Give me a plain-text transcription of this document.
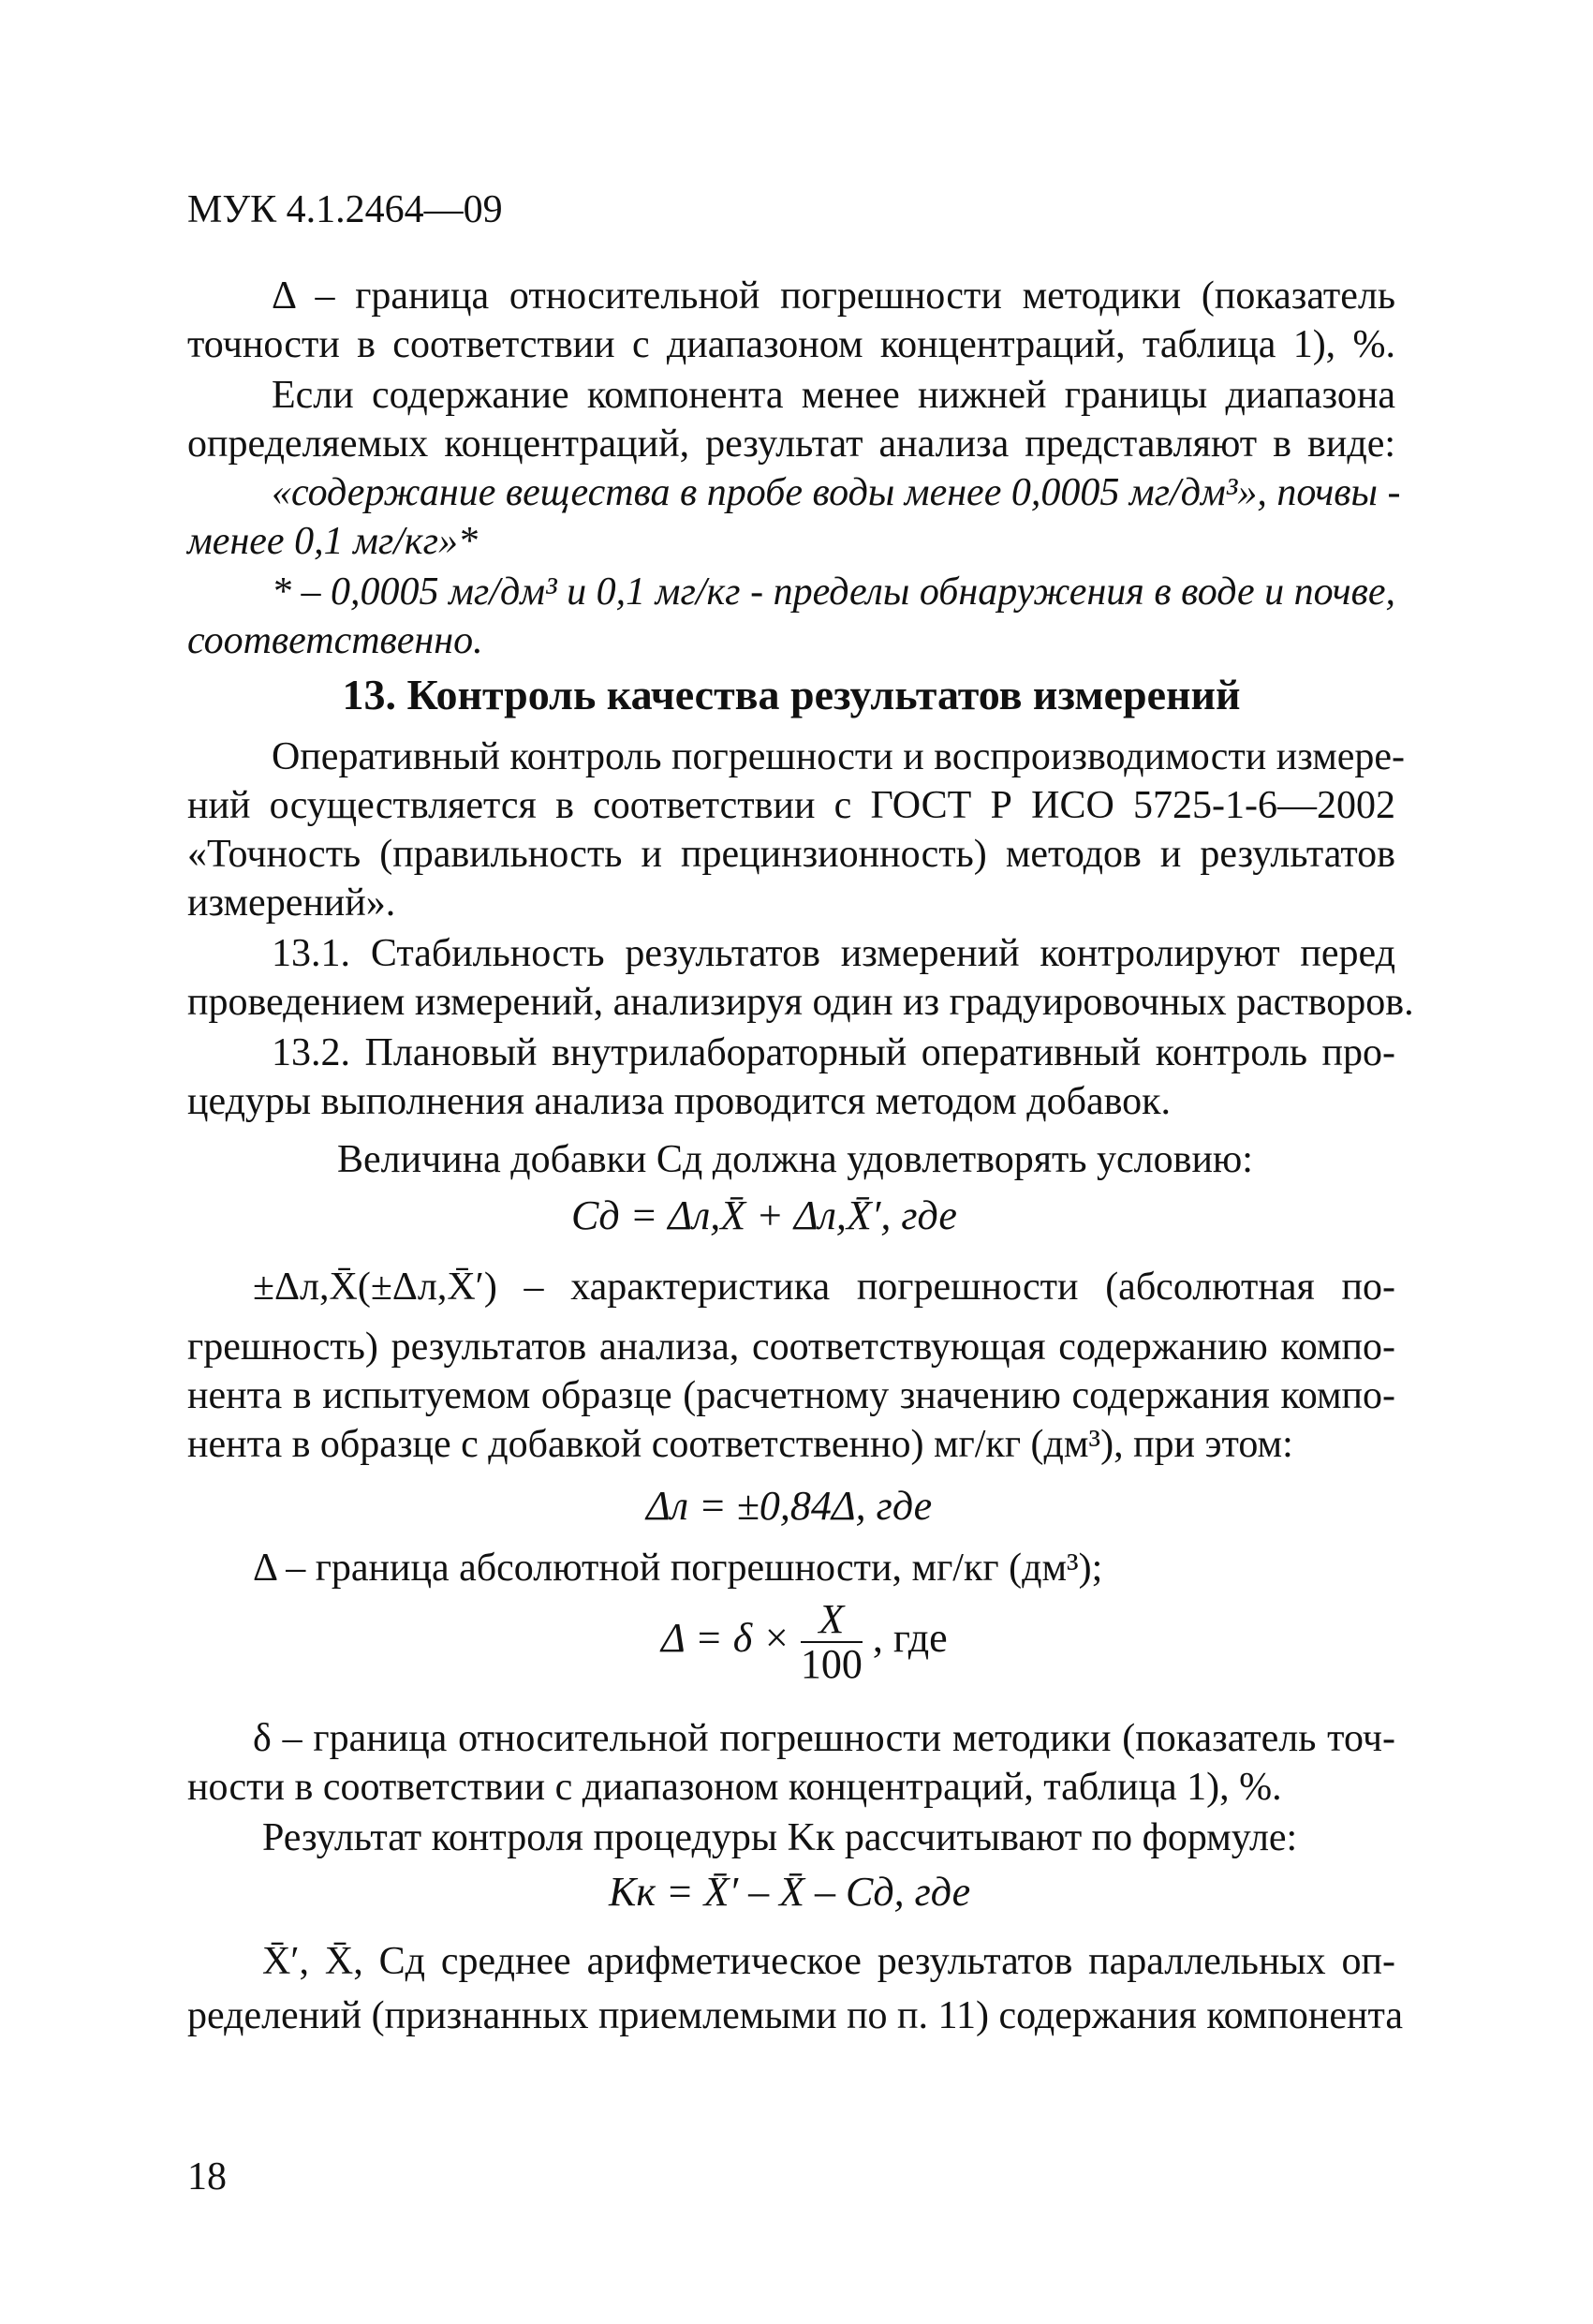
МУК 4.1.2464—09
Δ – граница относительной погрешности методики (показатель
точности в соответствии с диапазоном концентраций, таблица 1), %.
Если содержание компонента менее нижней границы диапазона
определяемых концентраций, результат анализа представляют в виде:
«содержание вещества в пробе воды менее 0,0005 мг/дм³», почвы -
менее 0,1 мг/кг»*
* – 0,0005 мг/дм³ и 0,1 мг/кг - пределы обнаружения в воде и почве,
соответственно.
13. Контроль качества результатов измерений
Оперативный контроль погрешности и воспроизводимости измере-
ний осуществляется в соответствии с ГОСТ Р ИСО 5725-1-6—2002
«Точность (правильность и прецинзионность) методов и результатов
измерений».
13.1. Стабильность результатов измерений контролируют перед
проведением измерений, анализируя один из градуировочных растворов.
13.2. Плановый внутрилабораторный оперативный контроль про-
цедуры выполнения анализа проводится методом добавок.
Величина добавки Cд должна удовлетворять условию:
Cд = Δл,X̄ + Δл,X̄′, где
±Δл,X̄(±Δл,X̄′) – характеристика погрешности (абсолютная по-
грешность) результатов анализа, соответствующая содержанию компо-
нента в испытуемом образце (расчетному значению содержания компо-
нента в образце с добавкой соответственно) мг/кг (дм³), при этом:
Δл = ±0,84Δ, где
Δ – граница абсолютной погрешности, мг/кг (дм³);
$\Delta = \delta \times \frac{X}{100}$ , где
δ – граница относительной погрешности методики (показатель точ-
ности в соответствии с диапазоном концентраций, таблица 1), %.
Результат контроля процедуры Kк рассчитывают по формуле:
Kк = X̄′ – X̄ – Cд, где
X̄′, X̄, Cд среднее арифметическое результатов параллельных оп-
ределений (признанных приемлемыми по п. 11) содержания компонента
18
